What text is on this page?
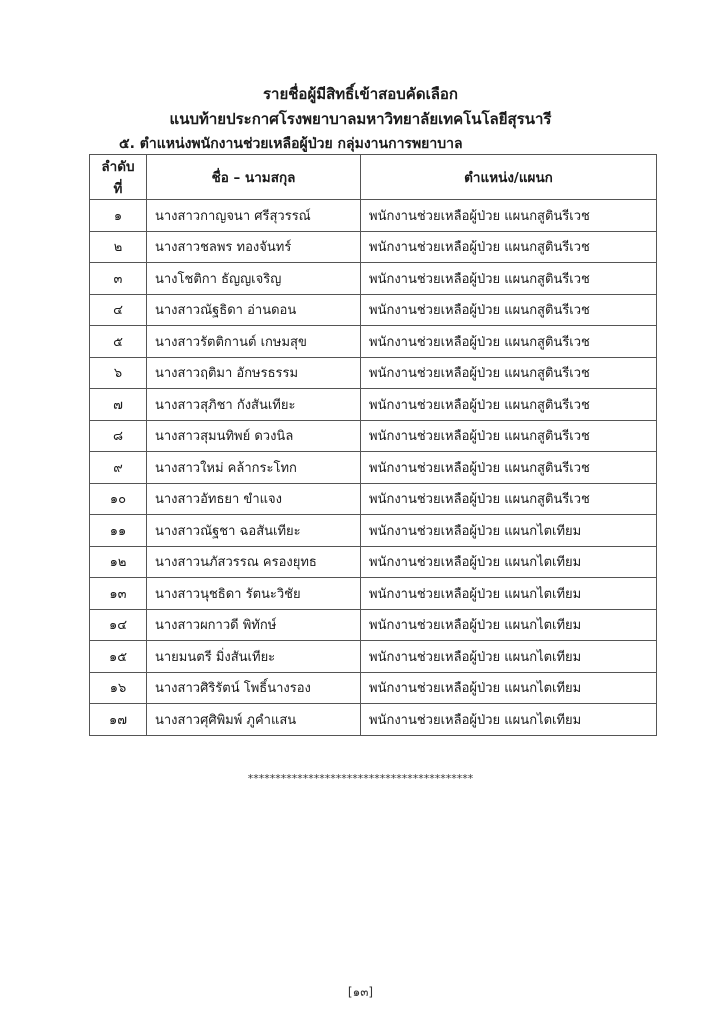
รายชื่อผู้มีสิทธิ์เข้าสอบคัดเลือก
แนบท้ายประกาศโรงพยาบาลมหาวิทยาลัยเทคโนโลยีสุรนารี
๕. ตำแหน่งพนักงานช่วยเหลือผู้ป่วย กลุ่มงานการพยาบาล
ลำดับที่	ชื่อ – นามสกุล	ตำแหน่ง/แผนก
๑	นางสาวกาญจนา ศรีสุวรรณ์	พนักงานช่วยเหลือผู้ป่วย แผนกสูตินรีเวช
๒	นางสาวชลพร ทองจันทร์	พนักงานช่วยเหลือผู้ป่วย แผนกสูตินรีเวช
๓	นางโชติกา ธัญญเจริญ	พนักงานช่วยเหลือผู้ป่วย แผนกสูตินรีเวช
๔	นางสาวณัฐธิดา อ่านดอน	พนักงานช่วยเหลือผู้ป่วย แผนกสูตินรีเวช
๕	นางสาวรัตติกานต์ เกษมสุข	พนักงานช่วยเหลือผู้ป่วย แผนกสูตินรีเวช
๖	นางสาวฤติมา อักษรธรรม	พนักงานช่วยเหลือผู้ป่วย แผนกสูตินรีเวช
๗	นางสาวสุภิชา กังสันเทียะ	พนักงานช่วยเหลือผู้ป่วย แผนกสูตินรีเวช
๘	นางสาวสุมนทิพย์ ดวงนิล	พนักงานช่วยเหลือผู้ป่วย แผนกสูตินรีเวช
๙	นางสาวใหม่ คล้ากระโทก	พนักงานช่วยเหลือผู้ป่วย แผนกสูตินรีเวช
๑๐	นางสาวอัทธยา ขำแจง	พนักงานช่วยเหลือผู้ป่วย แผนกสูตินรีเวช
๑๑	นางสาวณัฐชา ฉอสันเทียะ	พนักงานช่วยเหลือผู้ป่วย แผนกไตเทียม
๑๒	นางสาวนภัสวรรณ ครองยุทธ	พนักงานช่วยเหลือผู้ป่วย แผนกไตเทียม
๑๓	นางสาวนุชธิดา รัตนะวิชัย	พนักงานช่วยเหลือผู้ป่วย แผนกไตเทียม
๑๔	นางสาวผกาวดี พิทักษ์	พนักงานช่วยเหลือผู้ป่วย แผนกไตเทียม
๑๕	นายมนตรี มิ่งสันเทียะ	พนักงานช่วยเหลือผู้ป่วย แผนกไตเทียม
๑๖	นางสาวศิริรัตน์ โพธิ์นางรอง	พนักงานช่วยเหลือผู้ป่วย แผนกไตเทียม
๑๗	นางสาวศุศิพิมพ์ ภูคำแสน	พนักงานช่วยเหลือผู้ป่วย แผนกไตเทียม
*****************************************
[๑๓]
